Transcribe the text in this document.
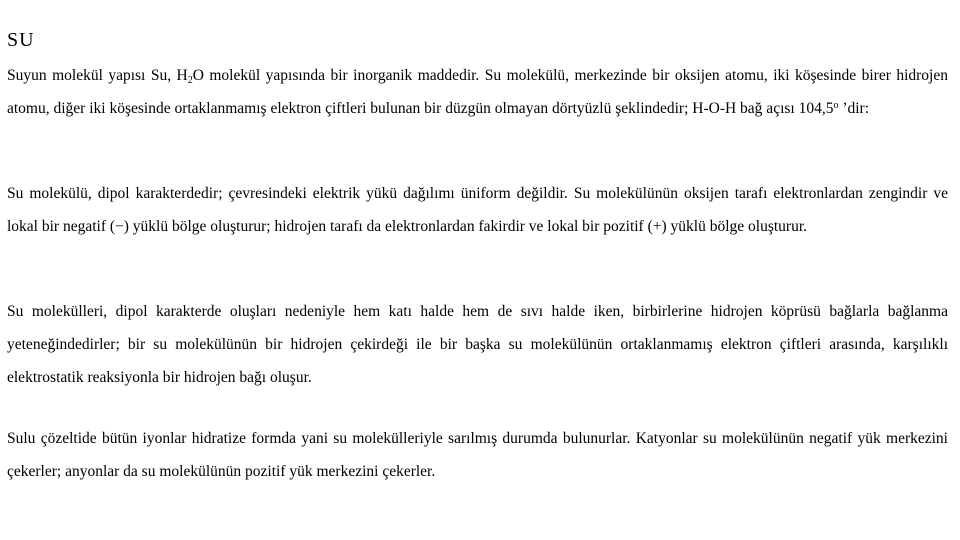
SU

Suyun molekül yapısı Su, $H_2O$ molekül yapısında bir inorganik maddedir. Su molekülü, merkezinde bir oksijen atomu, iki köşesinde birer hidrojen atomu, diğer iki köşesinde ortaklanmamış elektron çiftleri bulunan bir düzgün olmayan dörtyüzlü şeklindedir; H-O-H bağ açısı 104,5$^o$ ’dir:

Su molekülü, dipol karakterdedir; çevresindeki elektrik yükü dağılımı üniform değildir. Su molekülünün oksijen tarafı elektronlardan zengindir ve lokal bir negatif (−) yüklü bölge oluşturur; hidrojen tarafı da elektronlardan fakirdir ve lokal bir pozitif (+) yüklü bölge oluşturur.

Su molekülleri, dipol karakterde oluşları nedeniyle hem katı halde hem de sıvı halde iken, birbirlerine hidrojen köprüsü bağlarla bağlanma yeteneğindedirler; bir su molekülünün bir hidrojen çekirdeği ile bir başka su molekülünün ortaklanmamış elektron çiftleri arasında, karşılıklı elektrostatik reaksiyonla bir hidrojen bağı oluşur.

Sulu çözeltide bütün iyonlar hidratize formda yani su molekülleriyle sarılmış durumda bulunurlar. Katyonlar su molekülünün negatif yük merkezini çekerler; anyonlar da su molekülünün pozitif yük merkezini çekerler.
